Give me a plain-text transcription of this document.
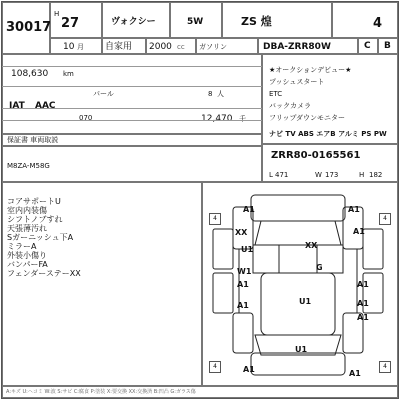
30017
H
27	ヴォクシー	5W	ZS 煌	4
10 月 自家用 2000 cc ガソリン	DBA-ZRR80W	C B
108,630 km
パール	8 人
IAT AAC
070	12,470 千
★オークションデビュー★
プッシュスタート
ETC
バックカメラ
フリップダウンモニター
ナビ TV ABS エアB アルミ PS PW
保証書 車両取説
M8ZA-M58G
ZRR80-0165561
L 471	W 173	H 182
コアサポートU
室内内装傷
シフトノブすれ
天張薄汚れ
Sガーニッシュ下A
ミラーA
外装小傷り
バンパーFA
フェンダーステーXX
4	4
4	4
A1	A1
XX	A1
XX
U1
G
W1
A1	A1
U1
A1	A1
A1
U1
A1	A1
A:キズ U:ヘコミ W:波 S:サビ C:腐食 P:塗装 X:要交換 XX:交換済 B:凹凸 G:ガラス傷
